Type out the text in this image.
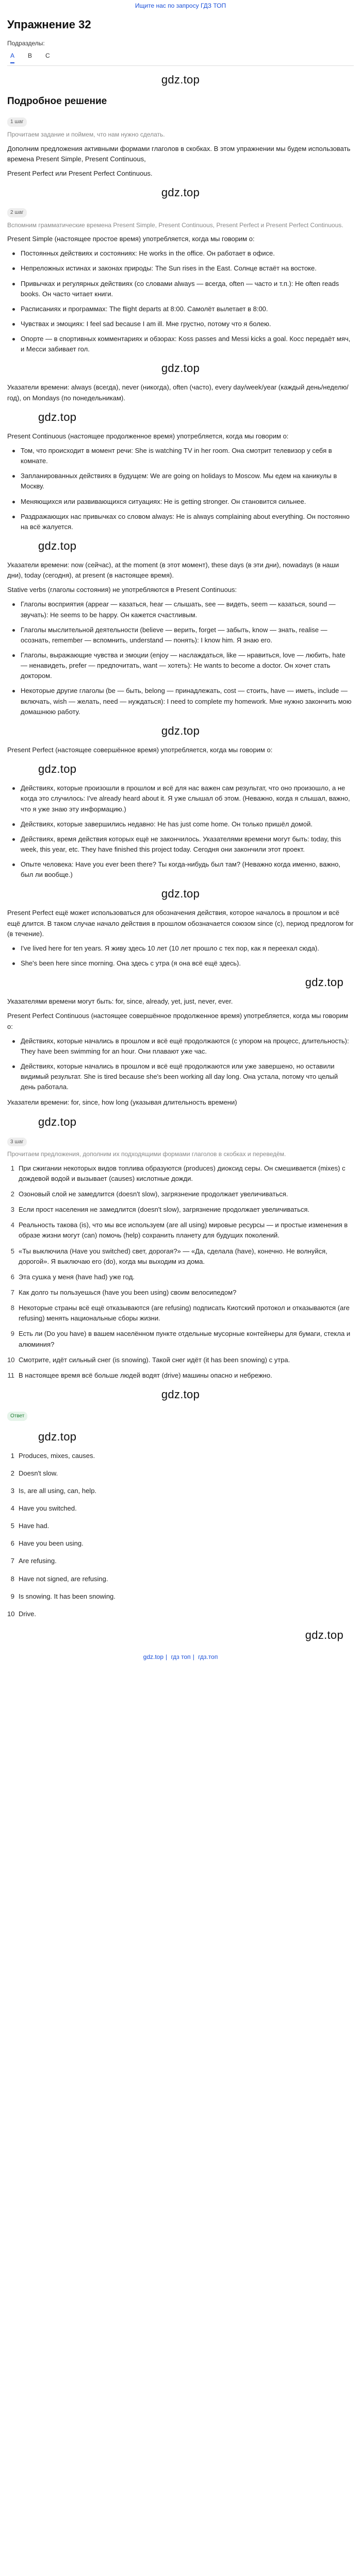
Ищите нас по запросу ГДЗ ТОП
Упражнение 32
Подразделы:
A B C
gdz.top
Подробное решение
1 шаг

Прочитаем задание и поймем, что нам нужно сделать.

Дополним предложения активными формами глаголов в скобках. В этом упражнении мы будем использовать времена Present Simple, Present Continuous,

Present Perfect или Present Perfect Continuous.

gdz.top
2 шаг

Вспомним грамматические времена Present Simple, Present Continuous, Present Perfect и Present Perfect Continuous.

Present Simple (настоящее простое время) употребляется, когда мы говорим о:

Постоянных действиях и состояниях: He works in the office. Он работает в офисе.
Непреложных истинах и законах природы: The Sun rises in the East. Солнце встаёт на востоке.
Привычках и регулярных действиях (со словами always — всегда, often — часто и т.п.): He often reads books. Он часто читает книги.
Расписаниях и программах: The flight departs at 8:00. Самолёт вылетает в 8:00.
Чувствах и эмоциях: I feel sad because I am ill. Мне грустно, потому что я болею.
Опорте — в спортивных комментариях и обзорах: Koss passes and Messi kicks a goal. Косс передаёт мяч, и Месси забивает гол.
gdz.top

Указатели времени: always (всегда), never (никогда), often (часто), every day/week/year (каждый день/неделю/год), on Mondays (по понедельникам).

gdz.top

Present Continuous (настоящее продолженное время) употребляется, когда мы говорим о:

Том, что происходит в момент речи: She is watching TV in her room. Она смотрит телевизор у себя в комнате.
Запланированных действиях в будущем: We are going on holidays to Moscow. Мы едем на каникулы в Москву.
Меняющихся или развивающихся ситуациях: He is getting stronger. Он становится сильнее.
Раздражающих нас привычках со словом always: He is always complaining about everything. Он постоянно на всё жалуется.
gdz.top

Указатели времени: now (сейчас), at the moment (в этот момент), these days (в эти дни), nowadays (в наши дни), today (сегодня), at present (в настоящее время).

Stative verbs (глаголы состояния) не употребляются в Present Continuous:

Глаголы восприятия (appear — казаться, hear — слышать, see — видеть, seem — казаться, sound — звучать): He seems to be happy. Он кажется счастливым.
Глаголы мыслительной деятельности (believe — верить, forget — забыть, know — знать, realise — осознать, remember — вспомнить, understand — понять): I know him. Я знаю его.
Глаголы, выражающие чувства и эмоции (enjoy — наслаждаться, like — нравиться, love — любить, hate — ненавидеть, prefer — предпочитать, want — хотеть): He wants to become a doctor. Он хочет стать доктором.
Некоторые другие глаголы (be — быть, belong — принадлежать, cost — стоить, have — иметь, include — включать, wish — желать, need — нуждаться): I need to complete my homework. Мне нужно закончить мою домашнюю работу.
gdz.top

Present Perfect (настоящее совершённое время) употребляется, когда мы говорим о:

gdz.top
Действиях, которые произошли в прошлом и всё для нас важен сам результат, что оно произошло, а не когда это случилось: I've already heard about it. Я уже слышал об этом. (Неважно, когда я слышал, важно, что я уже знаю эту информацию.)
Действиях, которые завершились недавно: He has just come home. Он только пришёл домой.
Действиях, время действия которых ещё не закончилось. Указателями времени могут быть: today, this week, this year, etc. They have finished this project today. Сегодня они закончили этот проект.
Опыте человека: Have you ever been there? Ты когда-нибудь был там? (Неважно когда именно, важно, был ли вообще.)
gdz.top

Present Perfect ещё может использоваться для обозначения действия, которое началось в прошлом и всё ещё длится. В таком случае начало действия в прошлом обозначается союзом since (с), период предлогом for (в течение).

I've lived here for ten years. Я живу здесь 10 лет (10 лет прошло с тех пор, как я переехал сюда).
She's been here since morning. Она здесь с утра (я она всё ещё здесь).
gdz.top

Указателями времени могут быть: for, since, already, yet, just, never, ever.

Present Perfect Continuous (настоящее совершённое продолженное время) употребляется, когда мы говорим о:

Действиях, которые начались в прошлом и всё ещё продолжаются (с упором на процесс, длительность): They have been swimming for an hour. Они плавают уже час.
Действиях, которые начались в прошлом и всё ещё продолжаются или уже завершено, но оставили видимый результат. She is tired because she's been working all day long. Она устала, потому что целый день работала.

Указатели времени: for, since, how long (указывая длительность времени)

gdz.top
3 шаг

Прочитаем предложения, дополним их подходящими формами глаголов в скобках и переведём.

1 При сжигании некоторых видов топлива образуются (produces) диоксид серы. Он смешивается (mixes) с дождевой водой и вызывает (causes) кислотные дожди.
2 Озоновый слой не замедлится (doesn't slow), загрязнение продолжает увеличиваться.
3 Если прост населения не замедлится (doesn't slow), загрязнение продолжает увеличиваться.
4 Реальность такова (is), что мы все используем (are all using) мировые ресурсы — и простые изменения в образе жизни могут (can) помочь (help) сохранить планету для будущих поколений.
5 «Ты выключила (Have you switched) свет, дорогая?» — «Да, сделала (have), конечно. Не волнуйся, дорогой». Я выключаю его (do), когда мы выходим из дома.
6 Эта сушка у меня (have had) уже год.
7 Как долго ты пользуешься (have you been using) своим велосипедом?
8 Некоторые страны всё ещё отказываются (are refusing) подписать Киотский протокол и отказываются (are refusing) менять национальные сборы жизни.
9 Есть ли (Do you have) в вашем населённом пункте отдельные мусорные контейнеры для бумаги, стекла и алюминия?
10 Смотрите, идёт сильный снег (is snowing). Такой снег идёт (it has been snowing) с утра.
11 В настоящее время всё больше людей водят (drive) машины опасно и небрежно.
gdz.top
Ответ
gdz.top
1 Produces, mixes, causes.
2 Doesn't slow.
3 Is, are all using, can, help.
4 Have you switched.
5 Have had.
6 Have you been using.
7 Are refusing.
8 Have not signed, are refusing.
9 Is snowing. It has been snowing.
10 Drive.
gdz.top
gdz.top | гдз топ | гдз.топ
